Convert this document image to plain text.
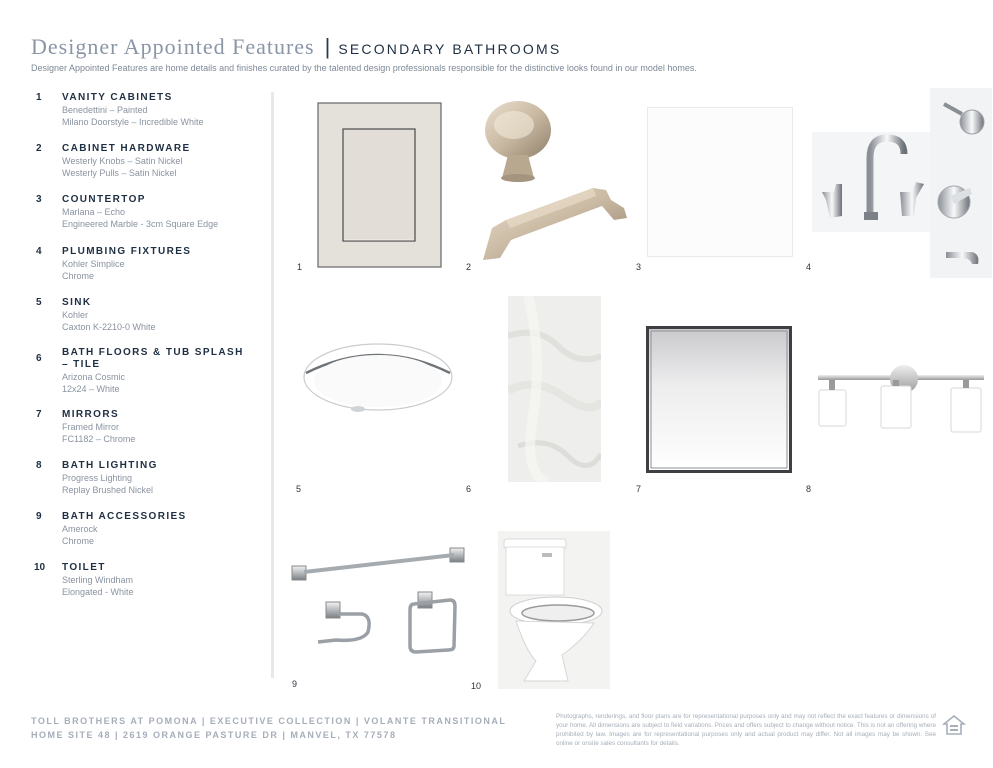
Designer Appointed Features | SECONDARY BATHROOMS
Designer Appointed Features are home details and finishes curated by the talented design professionals responsible for the distinctive looks found in our model homes.
1 VANITY CABINETS
Benedettini – Painted
Milano Doorstyle – Incredible White
2 CABINET HARDWARE
Westerly Knobs – Satin Nickel
Westerly Pulls – Satin Nickel
3 COUNTERTOP
Marlana – Echo
Engineered Marble - 3cm Square Edge
4 PLUMBING FIXTURES
Kohler Simplice
Chrome
5 SINK
Kohler
Caxton K-2210-0 White
6
BATH FLOORS & TUB SPLASH – TILE
Arizona Cosmic
12x24 – White
7 MIRRORS
Framed Mirror
FC1182 – Chrome
8 BATH LIGHTING
Progress Lighting
Replay Brushed Nickel
9 BATH ACCESSORIES
Amerock
Chrome
10 TOILET
Sterling Windham
Elongated - White
1	2	3	4
5	6	7	8
9	10
TOLL BROTHERS AT POMONA | EXECUTIVE COLLECTION | VOLANTE TRANSITIONAL
HOME SITE 48 | 2619 ORANGE PASTURE DR | MANVEL, TX 77578
Photographs, renderings, and floor plans are for representational purposes only and may not reflect the exact features or dimensions of your home. All dimensions are subject to field variations. Prices and offers subject to change without notice. This is not an offering where prohibited by law. Images are for representational purposes only and actual product may differ. Not all images may be shown. See online or onsite sales consultants for details.
